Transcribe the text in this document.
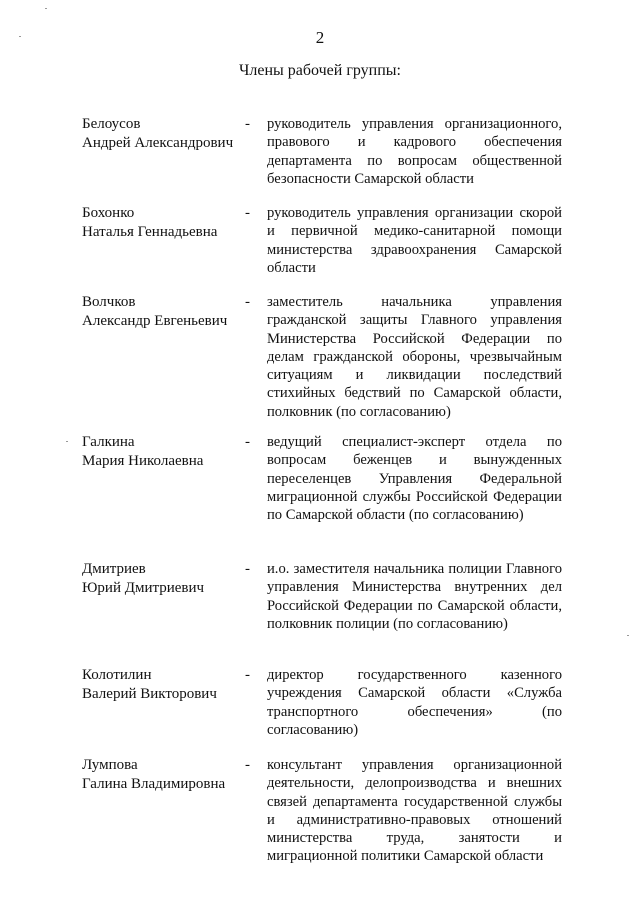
2
Члены рабочей группы:
Белоусов
Андрей Александрович
- руководитель управления организационного, правового и кадрового обеспечения департамента по вопросам общественной безопасности Самарской области
Бохонко
Наталья Геннадьевна
- руководитель управления организации скорой и первичной медико-санитарной помощи министерства здравоохранения Самарской области
Волчков
Александр Евгеньевич
- заместитель начальника управления гражданской защиты Главного управления Министерства Российской Федерации по делам гражданской обороны, чрезвычайным ситуациям и ликвидации последствий стихийных бедствий по Самарской области, полковник (по согласованию)
Галкина
Мария Николаевна
- ведущий специалист-эксперт отдела по вопросам беженцев и вынужденных переселенцев Управления Федеральной миграционной службы Российской Федерации по Самарской области (по согласованию)
Дмитриев
Юрий Дмитриевич
- и.о. заместителя начальника полиции Главного управления Министерства внутренних дел Российской Федерации по Самарской области, полковник полиции (по согласованию)
Колотилин
Валерий Викторович
- директор государственного казенного учреждения Самарской области «Служба транспортного обеспечения» (по согласованию)
Лумпова
Галина Владимировна
- консультант управления организационной деятельности, делопроизводства и внешних связей департамента государственной службы и административно-правовых отношений министерства труда, занятости и миграционной политики Самарской области
